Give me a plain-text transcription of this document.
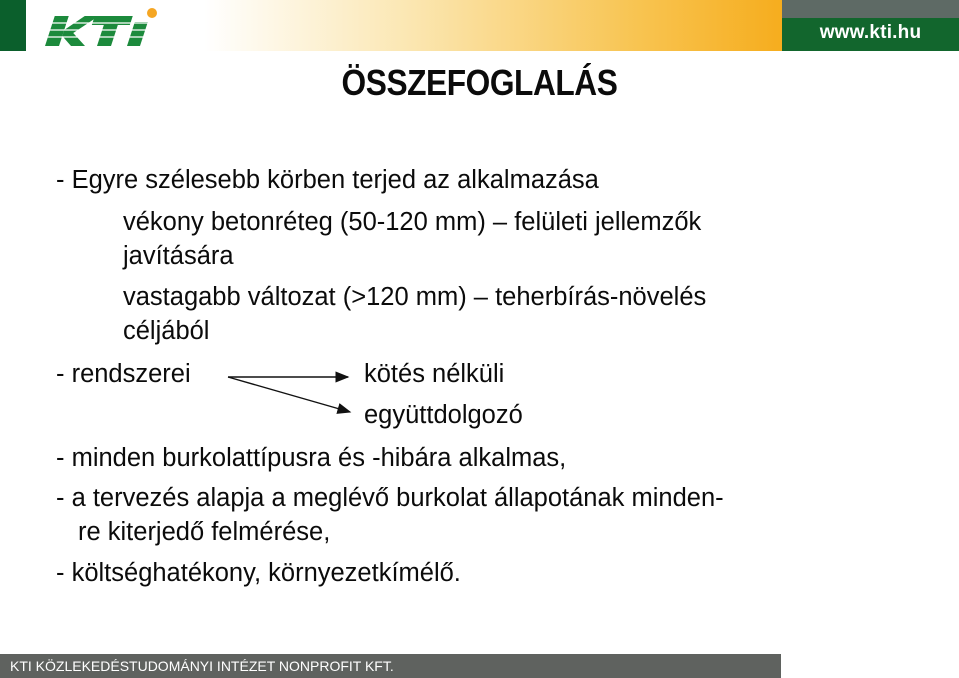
www.kti.hu
ÖSSZEFOGLALÁS
- Egyre szélesebb körben terjed az alkalmazása
vékony betonréteg (50-120 mm) – felületi jellemzők
javítására
vastagabb változat (>120 mm) – teherbírás-növelés
céljából
- rendszerei	kötés nélküli
együttdolgozó
- minden burkolattípusra és -hibára alkalmas,
- a tervezés alapja a meglévő burkolat állapotának minden-
re kiterjedő felmérése,
- költséghatékony, környezetkímélő.
KTI KÖZLEKEDÉSTUDOMÁNYI INTÉZET NONPROFIT KFT.
